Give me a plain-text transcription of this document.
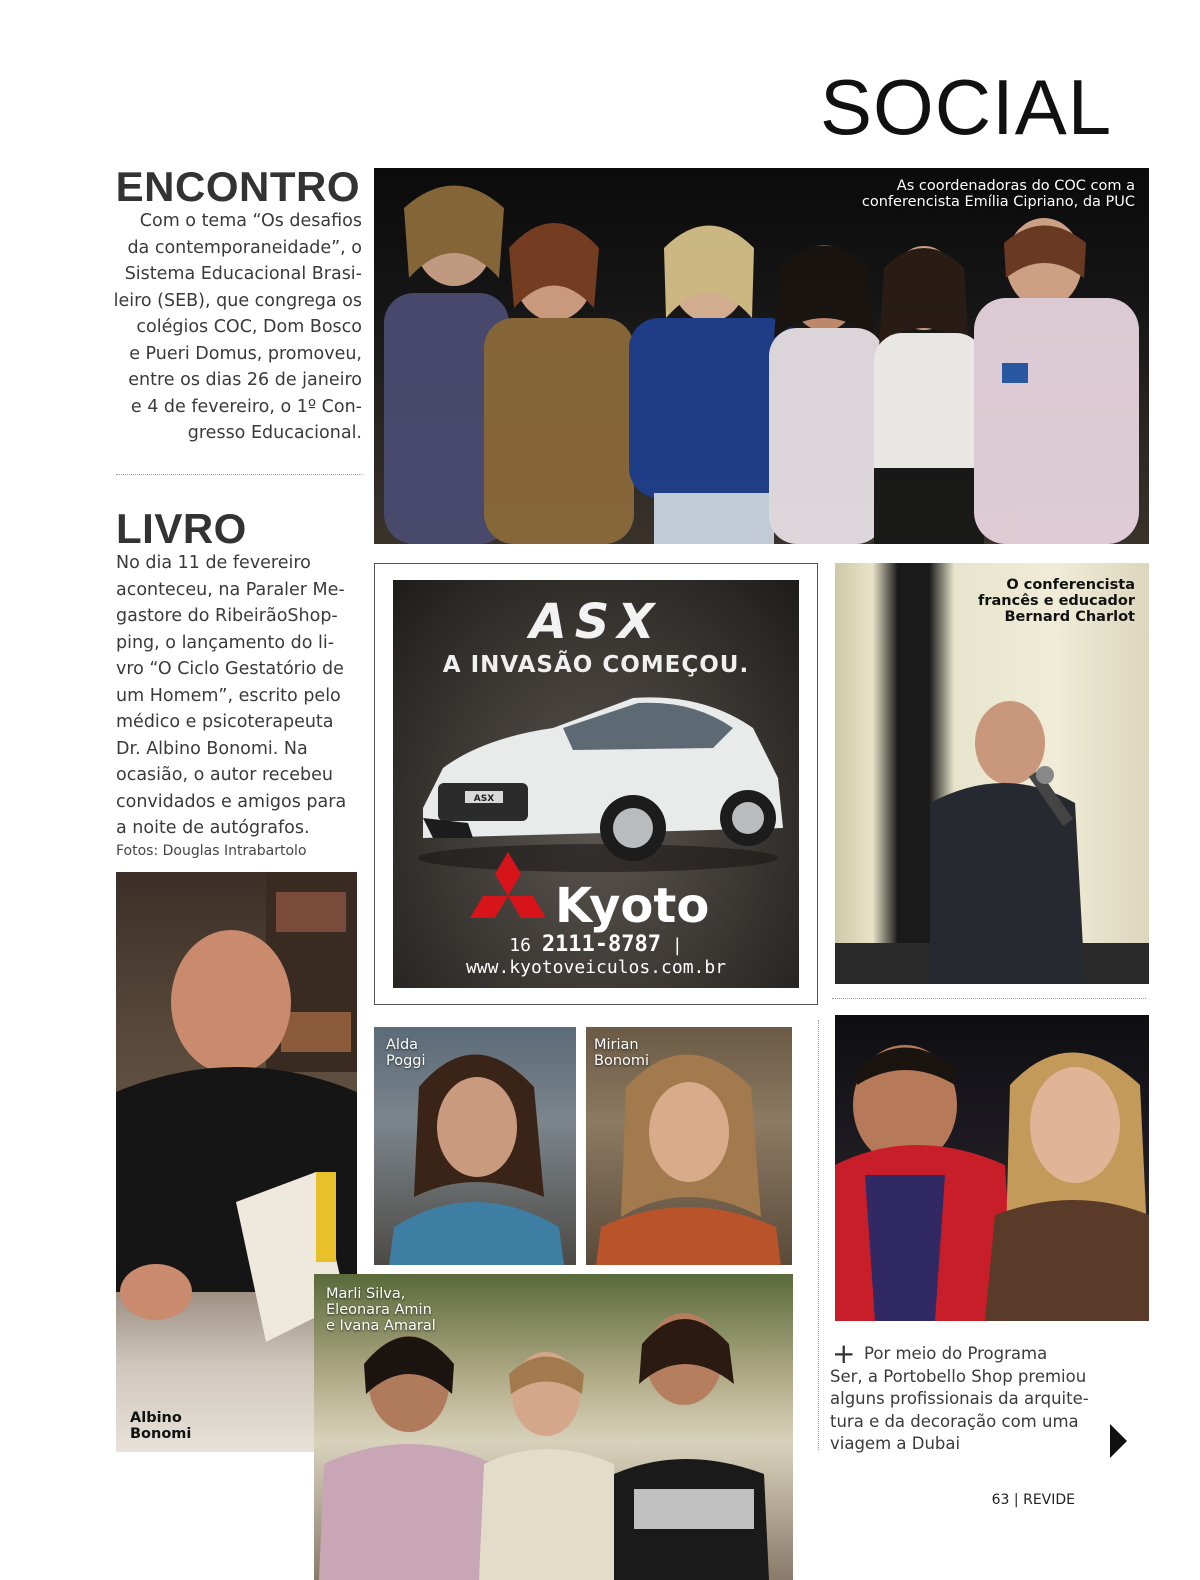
SOCIAL
ENCONTRO
Com o tema “Os desafios
da contemporaneidade”, o
Sistema Educacional Brasi-
leiro (SEB), que congrega os
colégios COC, Dom Bosco
e Pueri Domus, promoveu,
entre os dias 26 de janeiro
e 4 de fevereiro, o 1º Con-
gresso Educacional.
As coordenadoras do COC com a
conferencista Emília Cipriano, da PUC
LIVRO
No dia 11 de fevereiro
aconteceu, na Paraler Me-
gastore do RibeirãoShop-
ping, o lançamento do li-
vro “O Ciclo Gestatório de
um Homem”, escrito pelo
médico e psicoterapeuta
Dr. Albino Bonomi. Na
ocasião, o autor recebeu
convidados e amigos para
a noite de autógrafos.
Fotos: Douglas Intrabartolo
Albino
Bonomi
ASX
A INVASÃO COMEÇOU.
ASX
Kyoto
16 2111-8787 | www.kyotoveiculos.com.br
O conferencista
francês e educador
Bernard Charlot
Alda
Poggi
Mirian
Bonomi
Marli Silva,
Eleonara Amin
e Ivana Amaral
+ Por meio do Programa
Ser, a Portobello Shop premiou
alguns profissionais da arquite-
tura e da decoração com uma
viagem a Dubai
63 | REVIDE
